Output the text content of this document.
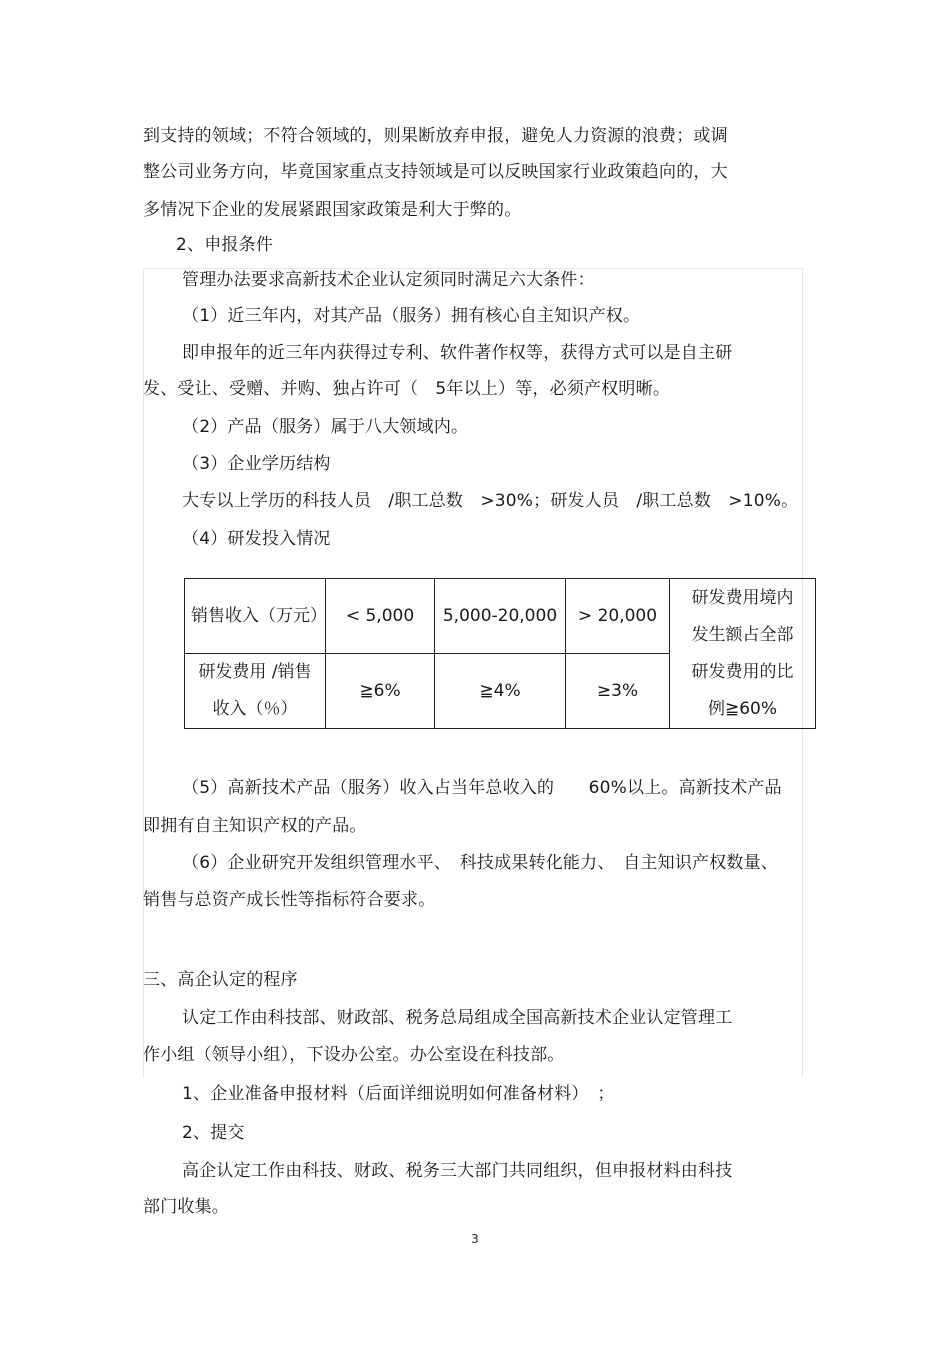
到支持的领域；不符合领域的，则果断放弃申报，避免人力资源的浪费；或调
整公司业务方向，毕竟国家重点支持领域是可以反映国家行业政策趋向的，大
多情况下企业的发展紧跟国家政策是利大于弊的。
2、申报条件
管理办法要求高新技术企业认定须同时满足六大条件：
（1）近三年内，对其产品（服务）拥有核心自主知识产权。
即申报年的近三年内获得过专利、软件著作权等，获得方式可以是自主研
发、受让、受赠、并购、独占许可（　5年以上）等，必须产权明晰。
（2）产品（服务）属于八大领域内。
（3）企业学历结构
大专以上学历的科技人员　/职工总数　>30%；研发人员　/职工总数　>10%。
（4）研发投入情况
销售收入（万元）	< 5,000	5,000-20,000	> 20,000	研发费用境内发生额占全部研发费用的比例≧60%
研发费用 /销售收入（％）	≧6%	≧4%	≥3%	
（5）高新技术产品（服务）收入占当年总收入的　　60%以上。高新技术产品
即拥有自主知识产权的产品。
（6）企业研究开发组织管理水平、　科技成果转化能力、　自主知识产权数量、
销售与总资产成长性等指标符合要求。
三、高企认定的程序
认定工作由科技部、财政部、税务总局组成全国高新技术企业认定管理工
作小组（领导小组），下设办公室。办公室设在科技部。
1、企业准备申报材料（后面详细说明如何准备材料）　；
2、提交
高企认定工作由科技、财政、税务三大部门共同组织，但申报材料由科技
部门收集。
3
